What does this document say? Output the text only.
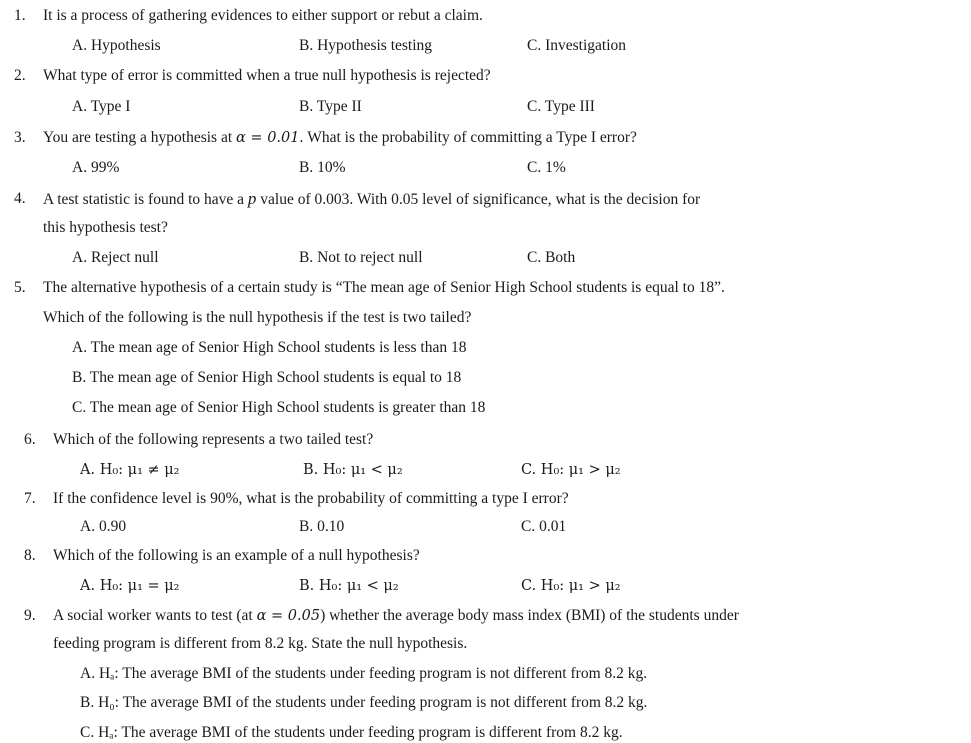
1. It is a process of gathering evidences to either support or rebut a claim.
A. Hypothesis	B. Hypothesis testing	C. Investigation
2. What type of error is committed when a true null hypothesis is rejected?
A. Type I	B. Type II	C. Type III
3. You are testing a hypothesis at α = 0.01. What is the probability of committing a Type I error?
A. 99%	B. 10%	C. 1%
4. A test statistic is found to have a p value of 0.003. With 0.05 level of significance, what is the decision for
this hypothesis test?
A. Reject null	B. Not to reject null	C. Both
5. The alternative hypothesis of a certain study is “The mean age of Senior High School students is equal to 18”.
Which of the following is the null hypothesis if the test is two tailed?
A. The mean age of Senior High School students is less than 18
B. The mean age of Senior High School students is equal to 18
C. The mean age of Senior High School students is greater than 18
6. Which of the following represents a two tailed test?
A. H₀: μ₁ ≠ μ₂	B. H₀: μ₁ < μ₂	C. H₀: μ₁ > μ₂
7. If the confidence level is 90%, what is the probability of committing a type I error?
A. 0.90	B. 0.10	C. 0.01
8. Which of the following is an example of a null hypothesis?
A. H₀: μ₁ = μ₂	B. H₀: μ₁ < μ₂	C. H₀: μ₁ > μ₂
9. A social worker wants to test (at α = 0.05) whether the average body mass index (BMI) of the students under
feeding program is different from 8.2 kg. State the null hypothesis.
A. Hₐ: The average BMI of the students under feeding program is not different from 8.2 kg.
B. H₀: The average BMI of the students under feeding program is not different from 8.2 kg.
C. Hₐ: The average BMI of the students under feeding program is different from 8.2 kg.
